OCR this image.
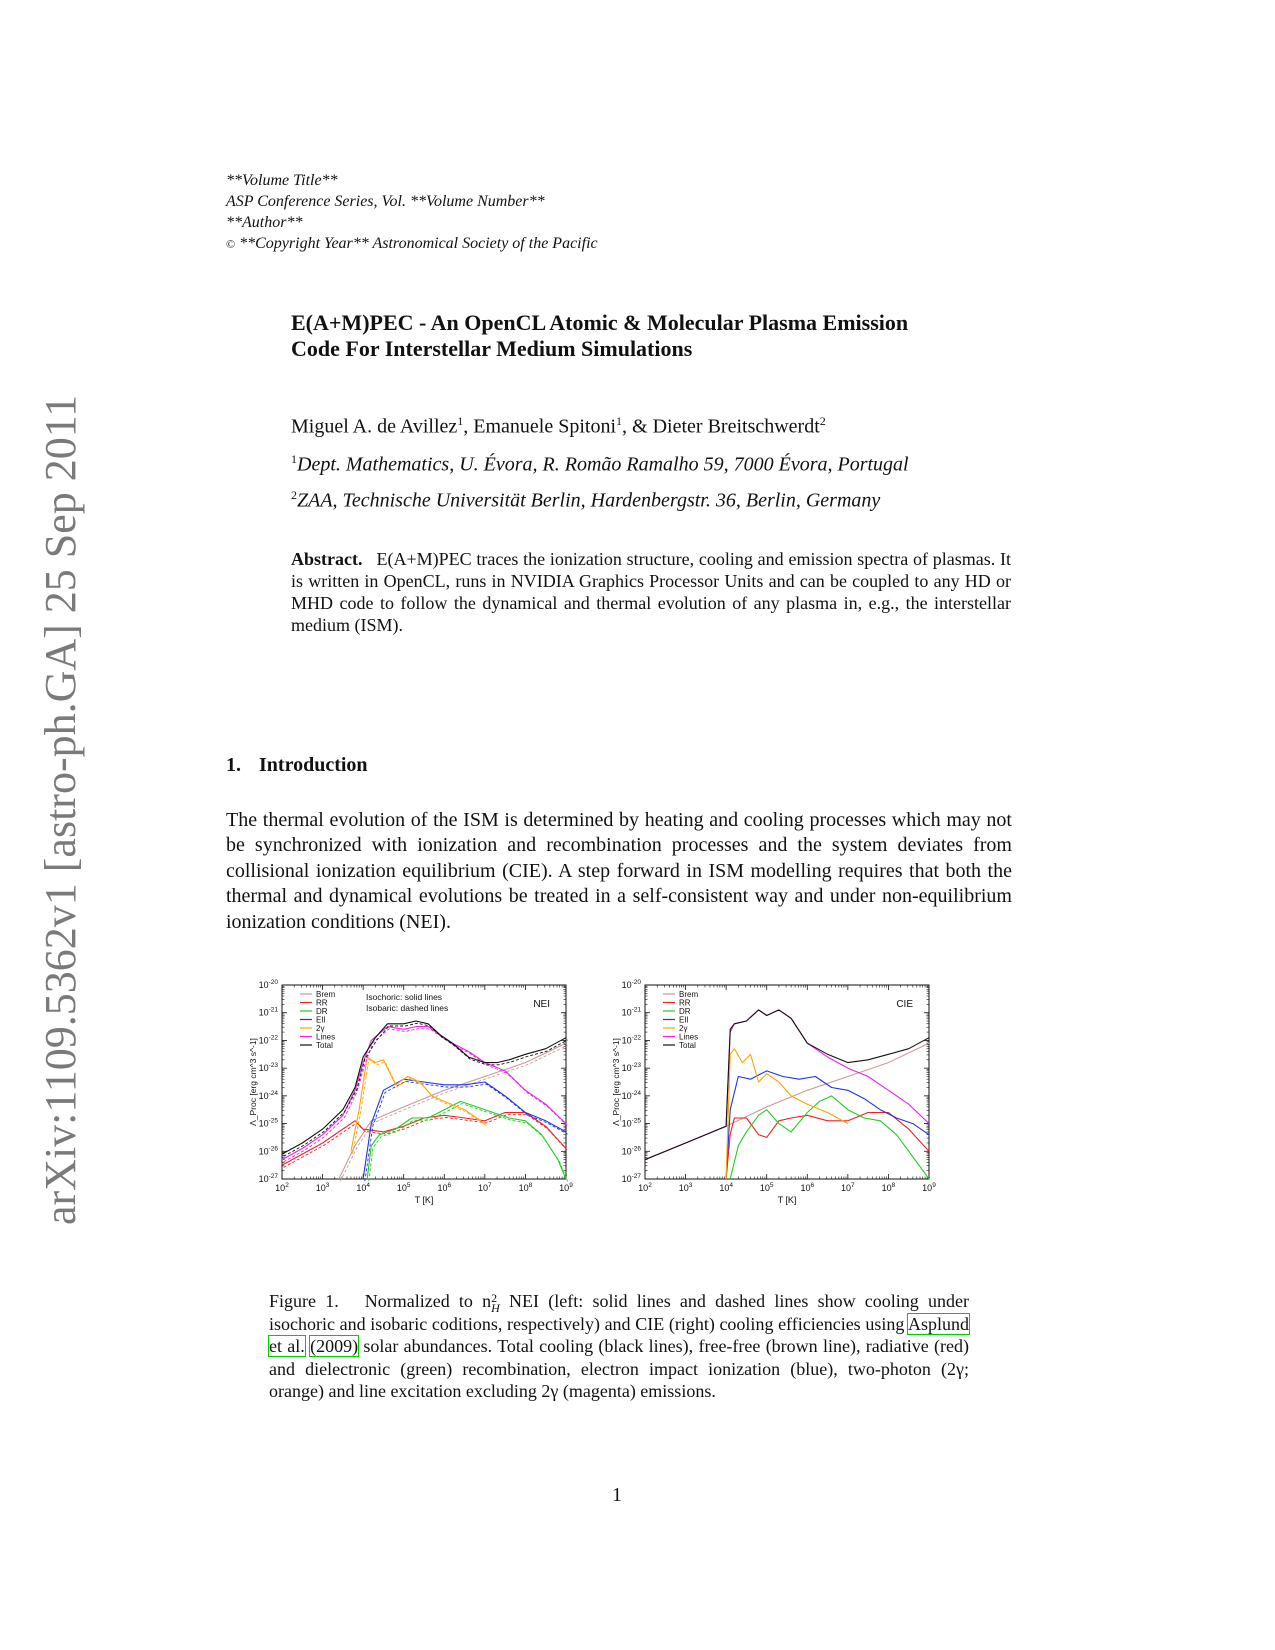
arXiv:1109.5362v1 [astro-ph.GA] 25 Sep 2011
**Volume Title**
ASP Conference Series, Vol. **Volume Number**
**Author**
© **Copyright Year** Astronomical Society of the Pacific
E(A+M)PEC - An OpenCL Atomic & Molecular Plasma Emission
Code For Interstellar Medium Simulations
Miguel A. de Avillez$^1$, Emanuele Spitoni$^1$, & Dieter Breitschwerdt$^2$
$^1$Dept. Mathematics, U. Évora, R. Romão Ramalho 59, 7000 Évora, Portugal
$^2$ZAA, Technische Universität Berlin, Hardenbergstr. 36, Berlin, Germany
Abstract. E(A+M)PEC traces the ionization structure, cooling and emission spectra of plasmas. It is written in OpenCL, runs in NVIDIA Graphics Processor Units and can be coupled to any HD or MHD code to follow the dynamical and thermal evolution of any plasma in, e.g., the interstellar medium (ISM).
1. Introduction
The thermal evolution of the ISM is determined by heating and cooling processes which may not be synchronized with ionization and recombination processes and the system deviates from collisional ionization equilibrium (CIE). A step forward in ISM modelling requires that both the thermal and dynamical evolutions be treated in a self-consistent way and under non-equilibrium ionization conditions (NEI).
$10^2$	$10^3$	$10^4$	$10^5$	$10^6$	$10^7$	$10^8$	$10^9$
$10^{-27}$
$10^{-26}$
$10^{-25}$
$10^{-24}$
$10^{-23}$
$10^{-22}$
$10^{-21}$
$10^{-20}$
T [K]
Λ_Proc [erg cm^3 s^-1]
NEI
Isochoric: solid lines
Isobaric: dashed lines
Brem
RR
DR
EII
2γ
Lines
Total
$10^2$	$10^3$	$10^4$	$10^5$	$10^6$	$10^7$	$10^8$	$10^9$
$10^{-27}$
$10^{-26}$
$10^{-25}$
$10^{-24}$
$10^{-23}$
$10^{-22}$
$10^{-21}$
$10^{-20}$
T [K]
Λ_Proc [erg cm^3 s^-1]
CIE
Brem
RR
DR
EII
2γ
Lines
Total
Figure 1. Normalized to n 2
H NEI (left: solid lines and dashed lines show cooling under isochoric and isobaric coditions, respectively) and CIE (right) cooling efficiencies using Asplund et al. (2009) solar abundances. Total cooling (black lines), free-free (brown line), radiative (red) and dielectronic (green) recombination, electron impact ionization (blue), two-photon (2γ; orange) and line excitation excluding 2γ (magenta) emissions.
1
